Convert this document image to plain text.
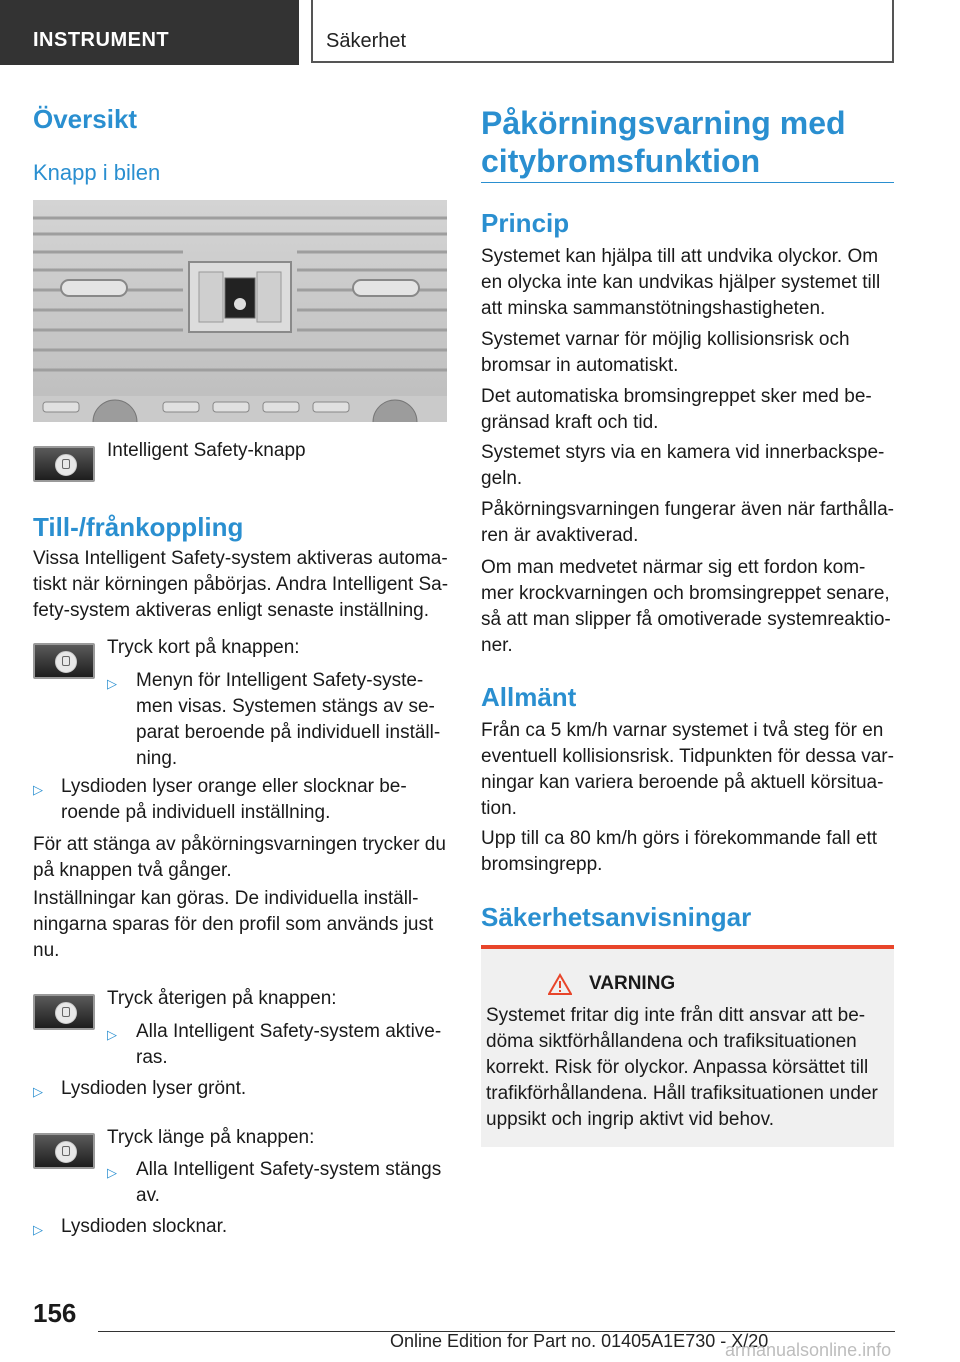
INSTRUMENT	Säkerhet
Översikt
Knapp i bilen
Intelligent Safety-knapp
Till-/frånkoppling
Vissa Intelligent Safety-system aktiveras automa-
tiskt när körningen påbörjas. Andra Intelligent Sa-
fety-system aktiveras enligt senaste inställning.
Tryck kort på knappen:
▷ Menyn för Intelligent Safety-syste-
men visas. Systemen stängs av se-
parat beroende på individuell inställ-
ning.
▷ Lysdioden lyser orange eller slocknar be-
roende på individuell inställning.
För att stänga av påkörningsvarningen trycker du
på knappen två gånger.
Inställningar kan göras. De individuella inställ-
ningarna sparas för den profil som används just
nu.
Tryck återigen på knappen:
▷ Alla Intelligent Safety-system aktive-
ras.
▷ Lysdioden lyser grönt.
Tryck länge på knappen:
▷ Alla Intelligent Safety-system stängs
av.
▷ Lysdioden slocknar.
Påkörningsvarning med
citybromsfunktion
Princip
Systemet kan hjälpa till att undvika olyckor. Om
en olycka inte kan undvikas hjälper systemet till
att minska sammanstötningshastigheten.
Systemet varnar för möjlig kollisionsrisk och
bromsar in automatiskt.
Det automatiska bromsingreppet sker med be-
gränsad kraft och tid.
Systemet styrs via en kamera vid innerbackspe-
geln.
Påkörningsvarningen fungerar även när farthålla-
ren är avaktiverad.
Om man medvetet närmar sig ett fordon kom-
mer krockvarningen och bromsingreppet senare,
så att man slipper få omotiverade systemreaktio-
ner.
Allmänt
Från ca 5 km/h varnar systemet i två steg för en
eventuell kollisionsrisk. Tidpunkten för dessa var-
ningar kan variera beroende på aktuell körsitua-
tion.
Upp till ca 80 km/h görs i förekommande fall ett
bromsingrepp.
Säkerhetsanvisningar
VARNING
Systemet fritar dig inte från ditt ansvar att be-
döma siktförhållandena och trafiksituationen
korrekt. Risk för olyckor. Anpassa körsättet till
trafikförhållandena. Håll trafiksituationen under
uppsikt och ingrip aktivt vid behov.
156
Online Edition for Part no. 01405A1E730 - X/20
armanualsonline.info
